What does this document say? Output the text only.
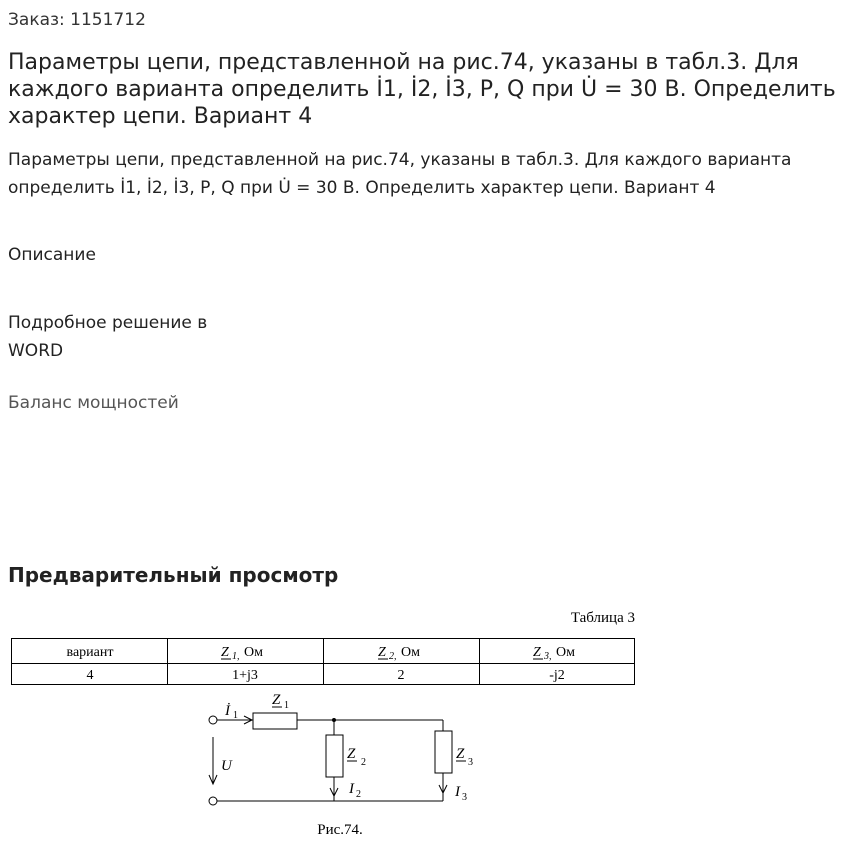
Заказ: 1151712
Параметры цепи, представленной на рис.74, указаны в табл.3. Для каждого варианта определить İ1, İ2, İ3, P, Q при U̇ = 30 В. Определить характер цепи. Вариант 4
Параметры цепи, представленной на рис.74, указаны в табл.3. Для каждого варианта определить İ1, İ2, İ3, P, Q при U̇ = 30 В. Определить характер цепи. Вариант 4
Описание
Подробное решение в WORD
Баланс мощностей
Предварительный просмотр
Таблица 3
вариант	Z 1, Ом	Z 2, Ом	Z 3, Ом
4	1+j3	2	-j2
İ 1
Z 1
Z
2
Z
3
U
I 2	I 3
Рис.74.
